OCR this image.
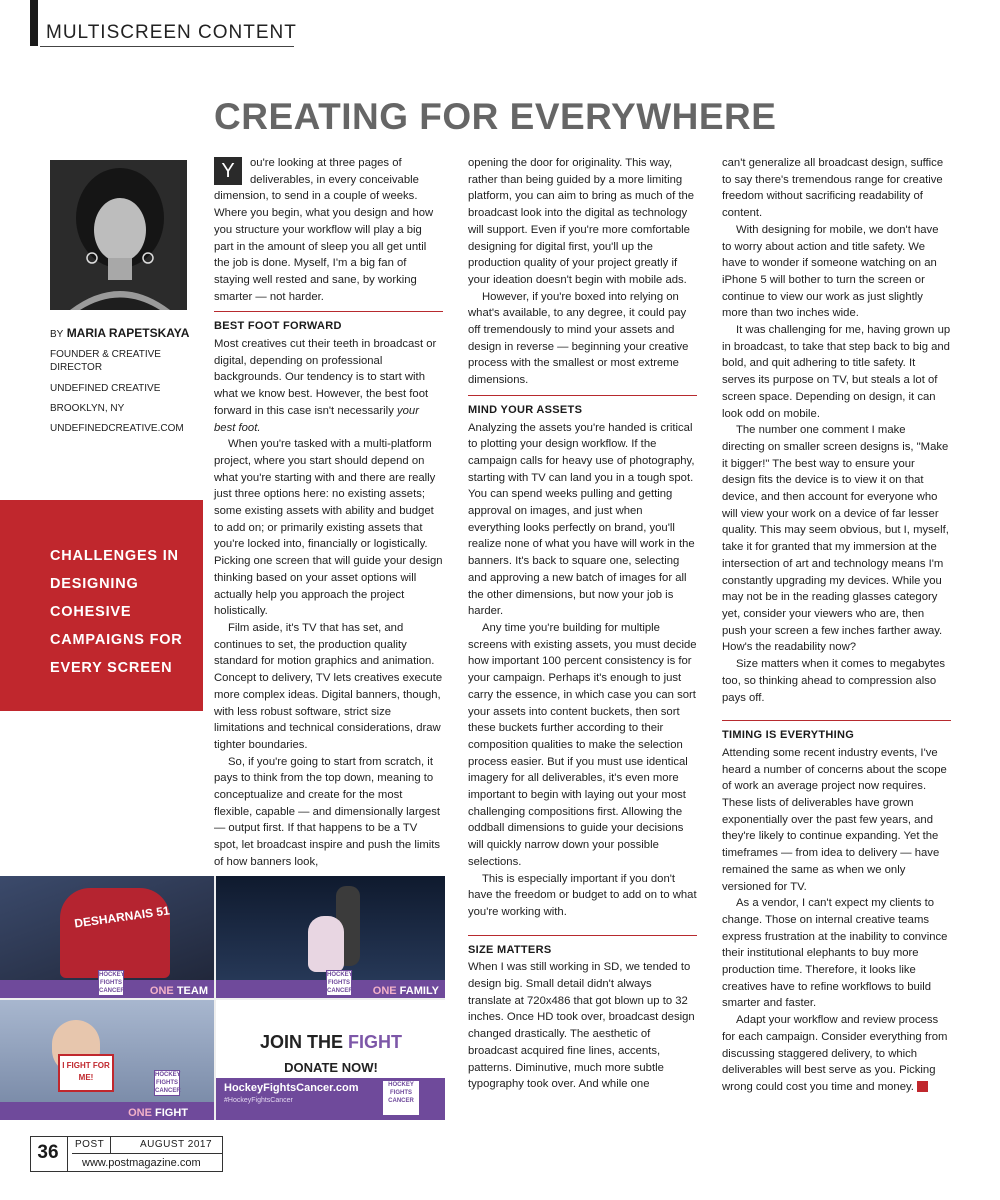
MULTISCREEN CONTENT
CREATING FOR EVERYWHERE
BY MARIA RAPETSKAYA
FOUNDER & CREATIVE DIRECTOR
UNDEFINED CREATIVE
BROOKLYN, NY
UNDEFINEDCREATIVE.COM
CHALLENGES IN DESIGNING COHESIVE CAMPAIGNS FOR EVERY SCREEN

Y	ou're looking at three pages of deliverables, in every conceivable dimension, to send in a couple of weeks. Where you begin, what you design and how you structure your workflow will play a big part in the amount of sleep you all get until the job is done. Myself, I'm a big fan of staying well rested and sane, by working smarter — not harder.

BEST FOOT FORWARD

Most creatives cut their teeth in broadcast or digital, depending on professional backgrounds. Our tendency is to start with what we know best. However, the best foot forward in this case isn't necessarily your best foot.

When you're tasked with a multi-platform project, where you start should depend on what you're starting with and there are really just three options here: no existing assets; some existing assets with ability and budget to add on; or primarily existing assets that you're locked into, financially or logistically. Picking one screen that will guide your design thinking based on your asset options will actually help you approach the project holistically.

Film aside, it's TV that has set, and continues to set, the production quality standard for motion graphics and animation. Concept to delivery, TV lets creatives execute more complex ideas. Digital banners, though, with less robust software, strict size limitations and technical considerations, draw tighter boundaries.

So, if you're going to start from scratch, it pays to think from the top down, meaning to conceptualize and create for the most flexible, capable — and dimensionally largest — output first. If that happens to be a TV spot, let broadcast inspire and push the limits of how banners look,

opening the door for originality. This way, rather than being guided by a more limiting platform, you can aim to bring as much of the broadcast look into the digital as technology will support. Even if you're more comfortable designing for digital first, you'll up the production quality of your project greatly if your ideation doesn't begin with mobile ads.

However, if you're boxed into relying on what's available, to any degree, it could pay off tremendously to mind your assets and design in reverse — beginning your creative process with the smallest or most extreme dimensions.

MIND YOUR ASSETS

Analyzing the assets you're handed is critical to plotting your design workflow. If the campaign calls for heavy use of photography, starting with TV can land you in a tough spot. You can spend weeks pulling and getting approval on images, and just when everything looks perfectly on brand, you'll realize none of what you have will work in the banners. It's back to square one, selecting and approving a new batch of images for all the other dimensions, but now your job is harder.

Any time you're building for multiple screens with existing assets, you must decide how important 100 percent consistency is for your campaign. Perhaps it's enough to just carry the essence, in which case you can sort your assets into content buckets, then sort these buckets further according to their composition qualities to make the selection process easier. But if you must use identical imagery for all deliverables, it's even more important to begin with laying out your most challenging compositions first. Allowing the oddball dimensions to guide your decisions will quickly narrow down your possible selections.

This is especially important if you don't have the freedom or budget to add on to what you're working with.

SIZE MATTERS

When I was still working in SD, we tended to design big. Small detail didn't always translate at 720x486 that got blown up to 32 inches. Once HD took over, broadcast design changed drastically. The aesthetic of broadcast acquired fine lines, accents, patterns. Diminutive, much more subtle typography took over. And while one

can't generalize all broadcast design, suffice to say there's tremendous range for creative freedom without sacrificing readability of content.

With designing for mobile, we don't have to worry about action and title safety. We have to wonder if someone watching on an iPhone 5 will bother to turn the screen or continue to view our work as just slightly more than two inches wide.

It was challenging for me, having grown up in broadcast, to take that step back to big and bold, and quit adhering to title safety. It serves its purpose on TV, but steals a lot of screen space. Depending on design, it can look odd on mobile.

The number one comment I make directing on smaller screen designs is, "Make it bigger!" The best way to ensure your design fits the device is to view it on that device, and then account for everyone who will view your work on a device of far lesser quality. This may seem obvious, but I, myself, take it for granted that my immersion at the intersection of art and technology means I'm constantly upgrading my devices. While you may not be in the reading glasses category yet, consider your viewers who are, then push your screen a few inches farther away. How's the readability now?

Size matters when it comes to megabytes too, so thinking ahead to compression also pays off.

TIMING IS EVERYTHING

Attending some recent industry events, I've heard a number of concerns about the scope of work an average project now requires. These lists of deliverables have grown exponentially over the past few years, and they're likely to continue expanding. Yet the timeframes — from idea to delivery — have remained the same as when we only versioned for TV.

As a vendor, I can't expect my clients to change. Those on internal creative teams express frustration at the inability to convince their institutional elephants to buy more production time. Therefore, it looks like creatives have to refine workflows to build smarter and faster.

Adapt your workflow and review process for each campaign. Consider everything from discussing staggered delivery, to which deliverables will best serve as you. Picking wrong could cost you time and money. P

DESHARNAIS 51
ONE TEAM
HOCKEY FIGHTS CANCER	ONE FAMILY
HOCKEY FIGHTS CANCER
I FIGHT FOR ME!	HOCKEY FIGHTS CANCER
ONE FIGHT
JOIN THE FIGHT
DONATE NOW!
HockeyFightsCancer.com
#HockeyFightsCancer
HOCKEY FIGHTS CANCER
36	POST	AUGUST 2017
www.postmagazine.com
